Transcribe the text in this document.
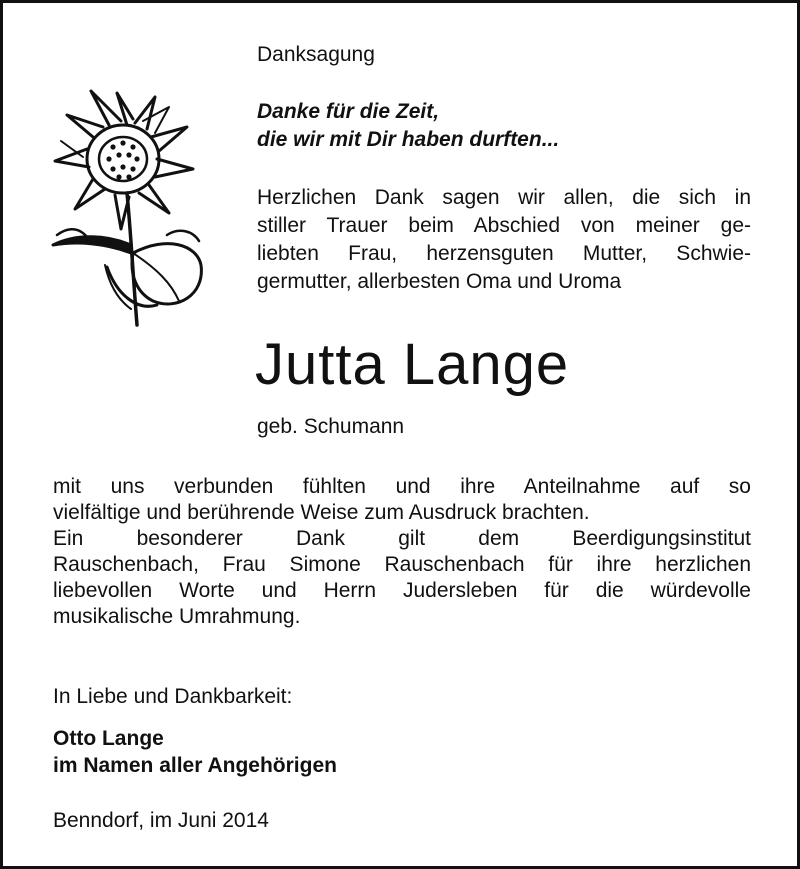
Danksagung
Danke für die Zeit,
die wir mit Dir haben durften...
Herzlichen Dank sagen wir allen, die sich in
stiller Trauer beim Abschied von meiner ge-
liebten Frau, herzensguten Mutter, Schwie-
germutter, allerbesten Oma und Uroma
Jutta Lange
geb. Schumann
mit uns verbunden fühlten und ihre Anteilnahme auf so
vielfältige und berührende Weise zum Ausdruck brachten.
Ein besonderer Dank gilt dem Beerdigungsinstitut
Rauschenbach, Frau Simone Rauschenbach für ihre herzlichen
liebevollen Worte und Herrn Judersleben für die würdevolle
musikalische Umrahmung.
In Liebe und Dankbarkeit:
Otto Lange
im Namen aller Angehörigen
Benndorf, im Juni 2014
